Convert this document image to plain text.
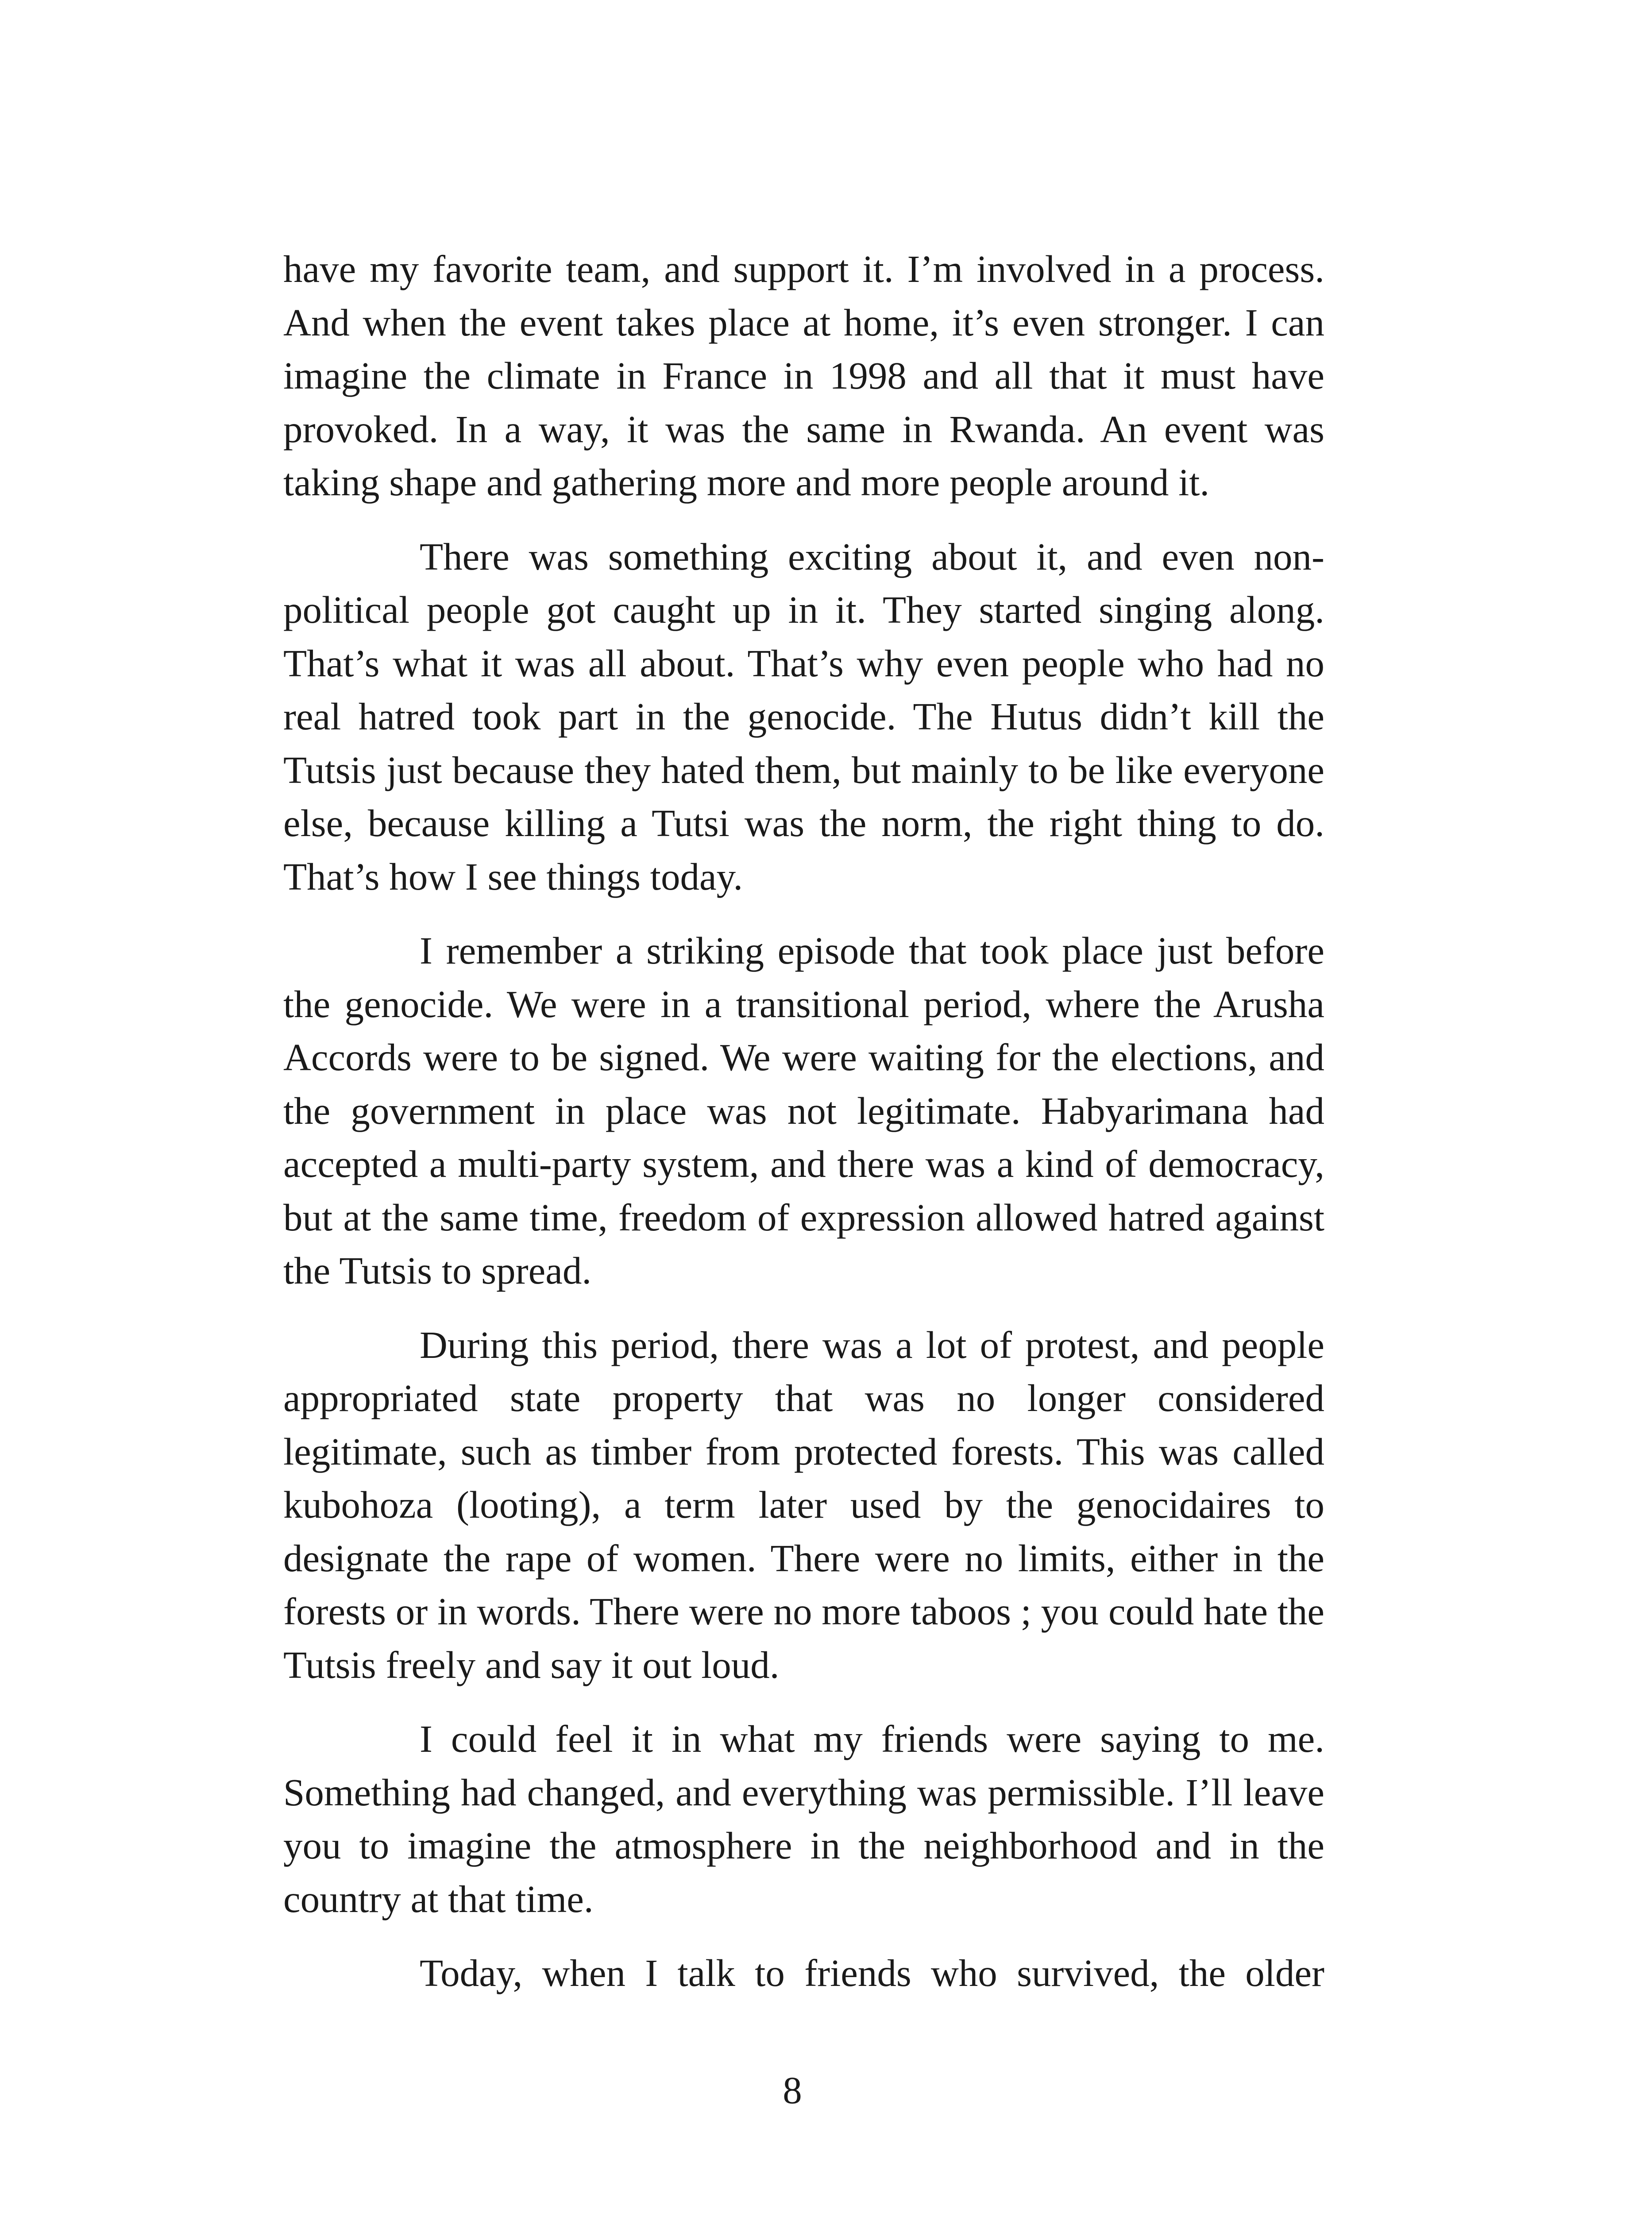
have my favorite team, and support it. I’m involved in a process. And when the event takes place at home, it’s even stronger. I can imagine the climate in France in 1998 and all that it must have provoked. In a way, it was the same in Rwanda. An event was taking shape and gathering more and more people around it.

There was something exciting about it, and even non-political people got caught up in it. They started singing along. That’s what it was all about. That’s why even people who had no real hatred took part in the genocide. The Hutus didn’t kill the Tutsis just because they hated them, but mainly to be like everyone else, because killing a Tutsi was the norm, the right thing to do. That’s how I see things today.

I remember a striking episode that took place just before the genocide. We were in a transitional period, where the Arusha Accords were to be signed. We were waiting for the elections, and the government in place was not legitimate. Habyarimana had accepted a multi-party system, and there was a kind of democracy, but at the same time, freedom of expression allowed hatred against the Tutsis to spread.

During this period, there was a lot of protest, and people appropriated state property that was no longer considered legitimate, such as timber from protected forests. This was called kubohoza (looting), a term later used by the genocidaires to designate the rape of women. There were no limits, either in the forests or in words. There were no more taboos ; you could hate the Tutsis freely and say it out loud.

I could feel it in what my friends were saying to me. Something had changed, and everything was permissible. I’ll leave you to imagine the atmosphere in the neighborhood and in the country at that time.

Today, when I talk to friends who survived, the older

8
